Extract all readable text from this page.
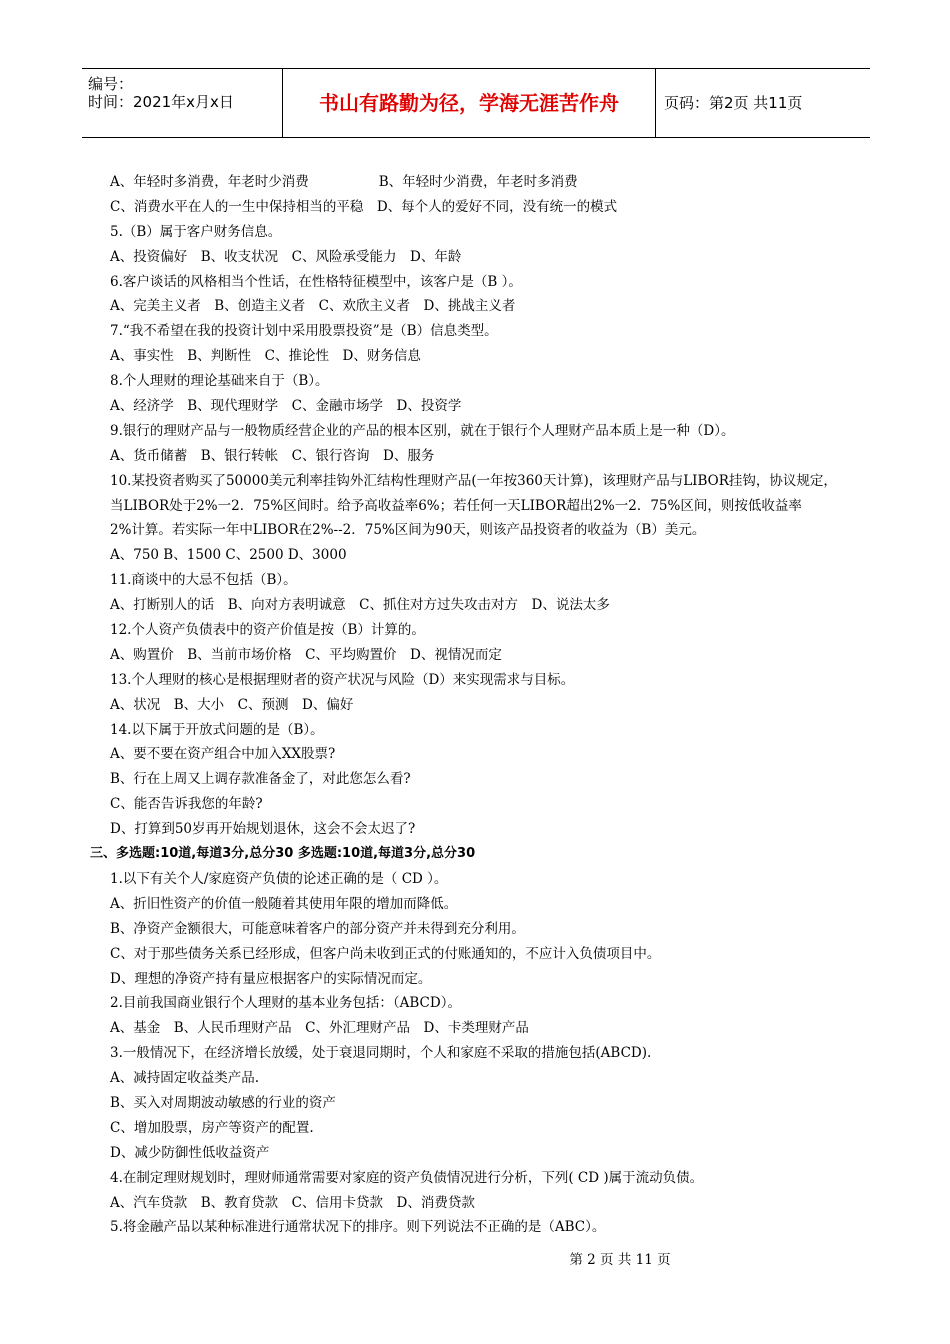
编号：
时间：2021年x月x日	书山有路勤为径，学海无涯苦作舟	页码：第2页 共11页
A、年轻时多消费，年老时少消费	B、年轻时少消费，年老时多消费
C、消费水平在人的一生中保持相当的平稳　D、每个人的爱好不同，没有统一的模式
5.（B）属于客户财务信息。
A、投资偏好　B、收支状况　C、风险承受能力　D、年龄
6.客户谈话的风格相当个性话，在性格特征模型中，该客户是（B ）。
A、完美主义者　B、创造主义者　C、欢欣主义者　D、挑战主义者
7.“我不希望在我的投资计划中采用股票投资”是（B）信息类型。
A、事实性　B、判断性　C、推论性　D、财务信息
8.个人理财的理论基础来自于（B）。
A、经济学　B、现代理财学　C、金融市场学　D、投资学
9.银行的理财产品与一般物质经营企业的产品的根本区别，就在于银行个人理财产品本质上是一种（D）。
A、货币储蓄　B、银行转帐　C、银行咨询　D、服务
10.某投资者购买了50000美元利率挂钩外汇结构性理财产品(一年按360天计算)，该理财产品与LIBOR挂钩，协议规定，
当LIBOR处于2%一2．75%区间时。给予高收益率6%；若任何一天LIBOR超出2%一2．75%区间，则按低收益率
2%计算。若实际一年中LIBOR在2%--2．75%区间为90天，则该产品投资者的收益为（B）美元。
A、750 B、1500 C、2500 D、3000
11.商谈中的大忌不包括（B）。
A、打断别人的话　B、向对方表明诚意　C、抓住对方过失攻击对方　D、说法太多
12.个人资产负债表中的资产价值是按（B）计算的。
A、购置价　B、当前市场价格　C、平均购置价　D、视情况而定
13.个人理财的核心是根据理财者的资产状况与风险（D）来实现需求与目标。
A、状况　B、大小　C、预测　D、偏好
14.以下属于开放式问题的是（B）。
A、要不要在资产组合中加入XX股票?
B、行在上周又上调存款准备金了，对此您怎么看?
C、能否告诉我您的年龄?
D、打算到50岁再开始规划退休，这会不会太迟了?
三、多选题:10道,每道3分,总分30 多选题:10道,每道3分,总分30
1.以下有关个人/家庭资产负债的论述正确的是（ CD ）。
A、折旧性资产的价值一般随着其使用年限的增加而降低。
B、净资产金额很大，可能意味着客户的部分资产并未得到充分利用。
C、对于那些债务关系已经形成，但客户尚未收到正式的付账通知的，不应计入负债项目中。
D、理想的净资产持有量应根据客户的实际情况而定。
2.目前我国商业银行个人理财的基本业务包括：（ABCD）。
A、基金　B、人民币理财产品　C、外汇理财产品　D、卡类理财产品
3.一般情况下，在经济增长放缓，处于衰退同期时，个人和家庭不采取的措施包括(ABCD).
A、减持固定收益类产品.
B、买入对周期波动敏感的行业的资产
C、增加股票，房产等资产的配置.
D、减少防御性低收益资产
4.在制定理财规划时，理财师通常需要对家庭的资产负债情况进行分析，下列( CD )属于流动负债。
A、汽车贷款　B、教育贷款　C、信用卡贷款　D、消费贷款
5.将金融产品以某种标准进行通常状况下的排序。则下列说法不正确的是（ABC）。
第 2 页 共 11 页
